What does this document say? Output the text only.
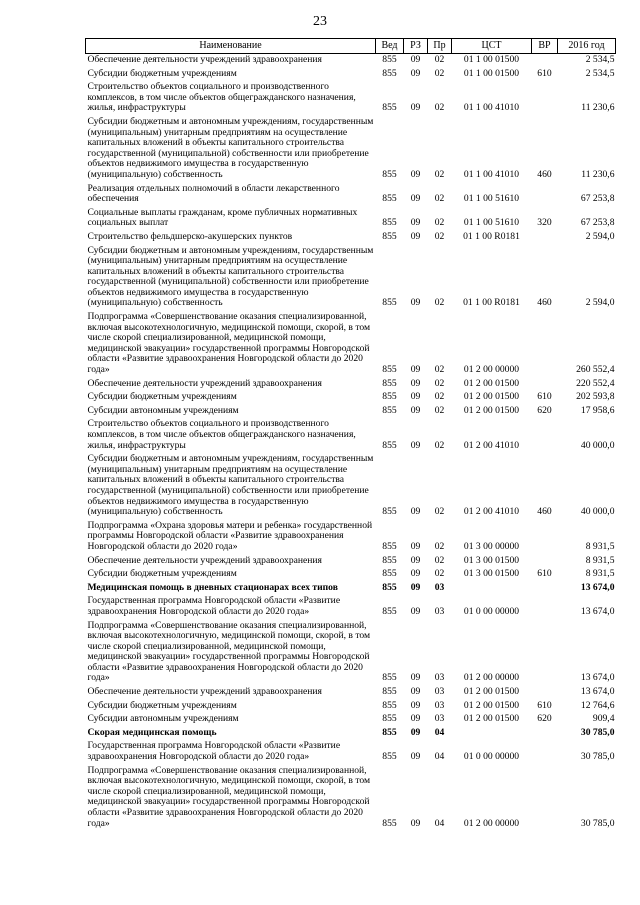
23
Наименование	Вед	РЗ	Пр	ЦСТ	ВР	2016 год
Обеспечение деятельности учреждений здравоохранения	855	09	02	01 1 00 01500		2 534,5
Субсидии бюджетным учреждениям	855	09	02	01 1 00 01500	610	2 534,5
Строительство объектов социального и производственного комплексов, в том числе объектов общегражданского назначения, жилья, инфраструктуры	855	09	02	01 1 00 41010		11 230,6
Субсидии бюджетным и автономным учреждениям, государственным (муниципальным) унитарным предприятиям на осуществление капитальных вложений в объекты капитального строительства государственной (муниципальной) собственности или приобретение объектов недвижимого имущества в государственную (муниципальную) собственность	855	09	02	01 1 00 41010	460	11 230,6
Реализация отдельных полномочий в области лекарственного обеспечения	855	09	02	01 1 00 51610		67 253,8
Социальные выплаты гражданам, кроме публичных нормативных социальных выплат	855	09	02	01 1 00 51610	320	67 253,8
Строительство фельдшерско-акушерских пунктов	855	09	02	01 1 00 R0181		2 594,0
Субсидии бюджетным и автономным учреждениям, государственным (муниципальным) унитарным предприятиям на осуществление капитальных вложений в объекты капитального строительства государственной (муниципальной) собственности или приобретение объектов недвижимого имущества в государственную (муниципальную) собственность	855	09	02	01 1 00 R0181	460	2 594,0
Подпрограмма «Совершенствование оказания специализированной, включая высокотехнологичную, медицинской помощи, скорой, в том числе скорой специализированной, медицинской помощи, медицинской эвакуации» государственной программы Новгородской области «Развитие здравоохранения Новгородской области до 2020 года»	855	09	02	01 2 00 00000		260 552,4
Обеспечение деятельности учреждений здравоохранения	855	09	02	01 2 00 01500		220 552,4
Субсидии бюджетным учреждениям	855	09	02	01 2 00 01500	610	202 593,8
Субсидии автономным учреждениям	855	09	02	01 2 00 01500	620	17 958,6
Строительство объектов социального и производственного комплексов, в том числе объектов общегражданского назначения, жилья, инфраструктуры	855	09	02	01 2 00 41010		40 000,0
Субсидии бюджетным и автономным учреждениям, государственным (муниципальным) унитарным предприятиям на осуществление капитальных вложений в объекты капитального строительства государственной (муниципальной) собственности или приобретение объектов недвижимого имущества в государственную (муниципальную) собственность	855	09	02	01 2 00 41010	460	40 000,0
Подпрограмма «Охрана здоровья матери и ребенка» государственной программы Новгородской области «Развитие здравоохранения Новгородской области до 2020 года»	855	09	02	01 3 00 00000		8 931,5
Обеспечение деятельности учреждений здравоохранения	855	09	02	01 3 00 01500		8 931,5
Субсидии бюджетным учреждениям	855	09	02	01 3 00 01500	610	8 931,5
Медицинская помощь в дневных стационарах всех типов	855	09	03			13 674,0
Государственная программа Новгородской области «Развитие здравоохранения Новгородской области до 2020 года»	855	09	03	01 0 00 00000		13 674,0
Подпрограмма «Совершенствование оказания специализированной, включая высокотехнологичную, медицинской помощи, скорой, в том числе скорой специализированной, медицинской помощи, медицинской эвакуации» государственной программы Новгородской области «Развитие здравоохранения Новгородской области до 2020 года»	855	09	03	01 2 00 00000		13 674,0
Обеспечение деятельности учреждений здравоохранения	855	09	03	01 2 00 01500		13 674,0
Субсидии бюджетным учреждениям	855	09	03	01 2 00 01500	610	12 764,6
Субсидии автономным учреждениям	855	09	03	01 2 00 01500	620	909,4
Скорая медицинская помощь	855	09	04			30 785,0
Государственная программа Новгородской области «Развитие здравоохранения Новгородской области до 2020 года»	855	09	04	01 0 00 00000		30 785,0
Подпрограмма «Совершенствование оказания специализированной, включая высокотехнологичную, медицинской помощи, скорой, в том числе скорой специализированной, медицинской помощи, медицинской эвакуации» государственной программы Новгородской области «Развитие здравоохранения Новгородской области до 2020 года»	855	09	04	01 2 00 00000		30 785,0
